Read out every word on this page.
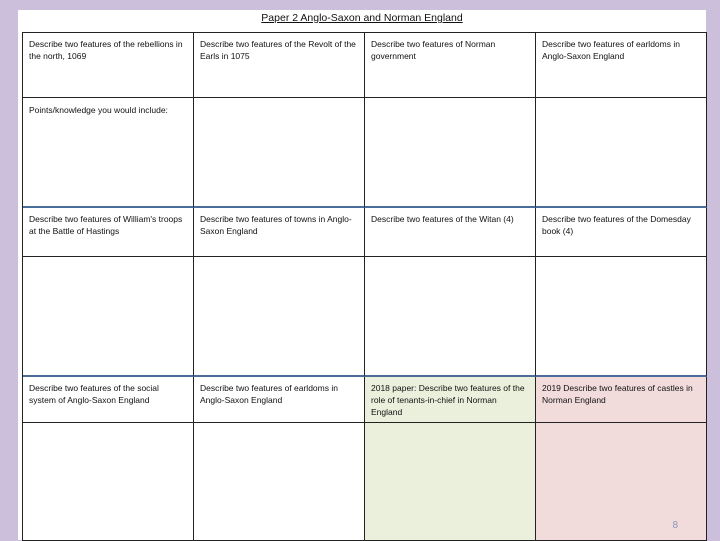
Paper 2 Anglo-Saxon and Norman England
Describe two features of the rebellions in the north, 1069
Describe two features of the Revolt of the Earls in 1075
Describe two features of Norman government
Describe two features of earldoms in Anglo-Saxon England
Points/knowledge you would include:
Describe two features of William's troops at the Battle of Hastings
Describe two features of towns in Anglo-Saxon England
Describe two features of the Witan (4)	Describe two features of the Domesday book (4)
Describe two features of the social system of Anglo-Saxon England
Describe two features of earldoms in Anglo-Saxon England
2018 paper: Describe two features of the role of tenants-in-chief in Norman England
2019 Describe two features of castles in Norman England
8
